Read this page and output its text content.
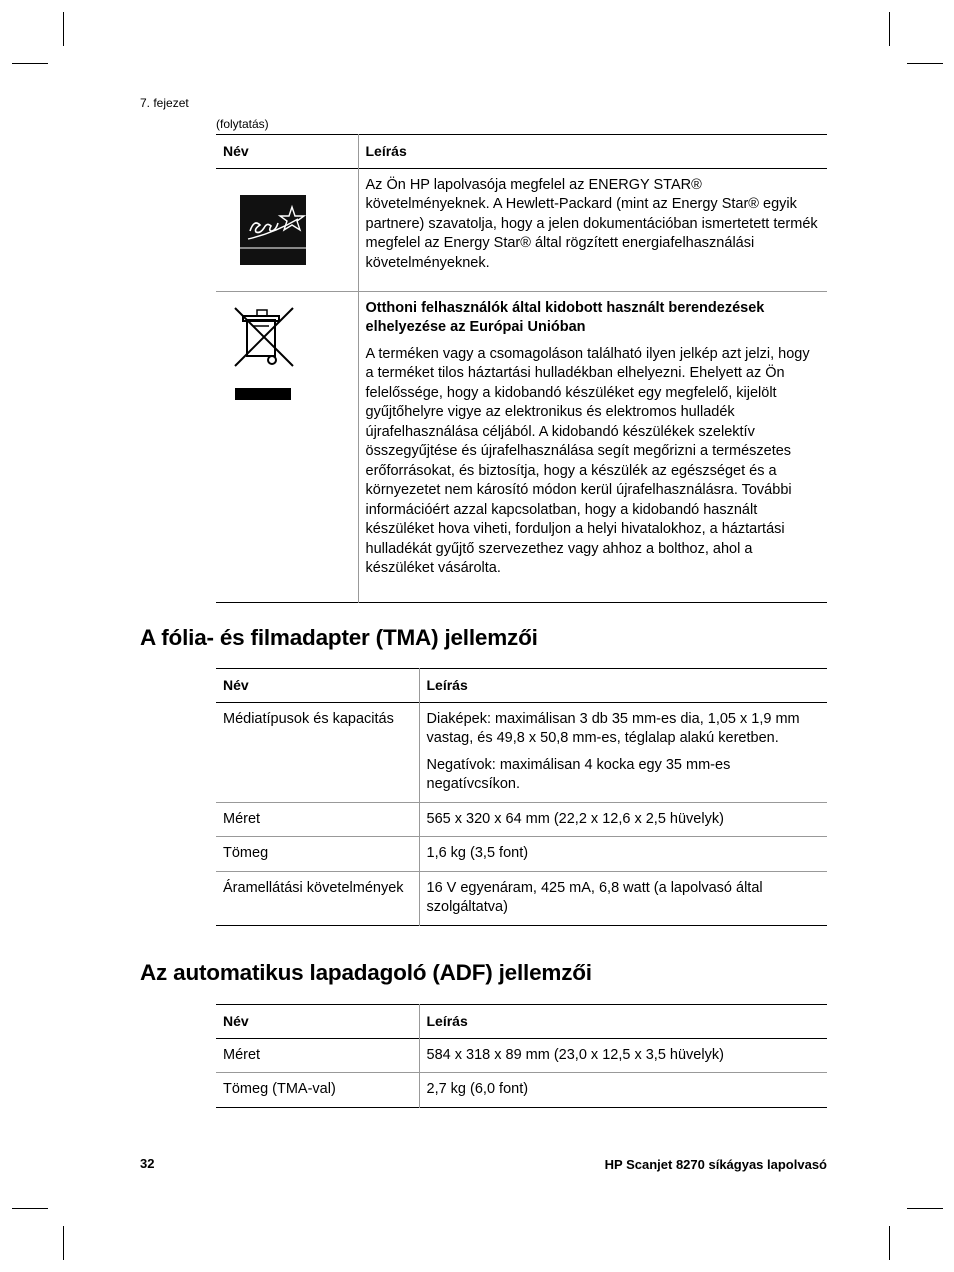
7. fejezet
(folytatás)
Név	Leírás

Az Ön HP lapolvasója megfelel az ENERGY STAR® követelményeknek. A Hewlett-Packard (mint az Energy Star® egyik partnere) szavatolja, hogy a jelen dokumentációban ismertetett termék megfelel az Energy Star® által rögzített energiafelhasználási követelményeknek.

Otthoni felhasználók által kidobott használt berendezések elhelyezése az Európai Unióban

A terméken vagy a csomagoláson található ilyen jelkép azt jelzi, hogy a terméket tilos háztartási hulladékban elhelyezni. Ehelyett az Ön felelőssége, hogy a kidobandó készüléket egy megfelelő, kijelölt gyűjtőhelyre vigye az elektronikus és elektromos hulladék újrafelhasználása céljából. A kidobandó készülékek szelektív összegyűjtése és újrafelhasználása segít megőrizni a természetes erőforrásokat, és biztosítja, hogy a készülék az egészséget és a környezetet nem károsító módon kerül újrafelhasználásra. További információért azzal kapcsolatban, hogy a kidobandó használt készüléket hova viheti, forduljon a helyi hivatalokhoz, a háztartási hulladékát gyűjtő szervezethez vagy ahhoz a bolthoz, ahol a készüléket vásárolta.

A fólia- és filmadapter (TMA) jellemzői
Név	Leírás
Médiatípusok és kapacitás	Diaképek: maximálisan 3 db 35 mm-es dia, 1,05 x 1,9 mm vastag, és 49,8 x 50,8 mm-es, téglalap alakú keretben.

Negatívok: maximálisan 4 kocka egy 35 mm-es negatívcsíkon.

Méret	565 x 320 x 64 mm (22,2 x 12,6 x 2,5 hüvelyk)
Tömeg	1,6 kg (3,5 font)
Áramellátási követelmények	16 V egyenáram, 425 mA, 6,8 watt (a lapolvasó által szolgáltatva)
Az automatikus lapadagoló (ADF) jellemzői
Név	Leírás
Méret	584 x 318 x 89 mm (23,0 x 12,5 x 3,5 hüvelyk)
Tömeg (TMA-val)	2,7 kg (6,0 font)
32	HP Scanjet 8270 síkágyas lapolvasó
